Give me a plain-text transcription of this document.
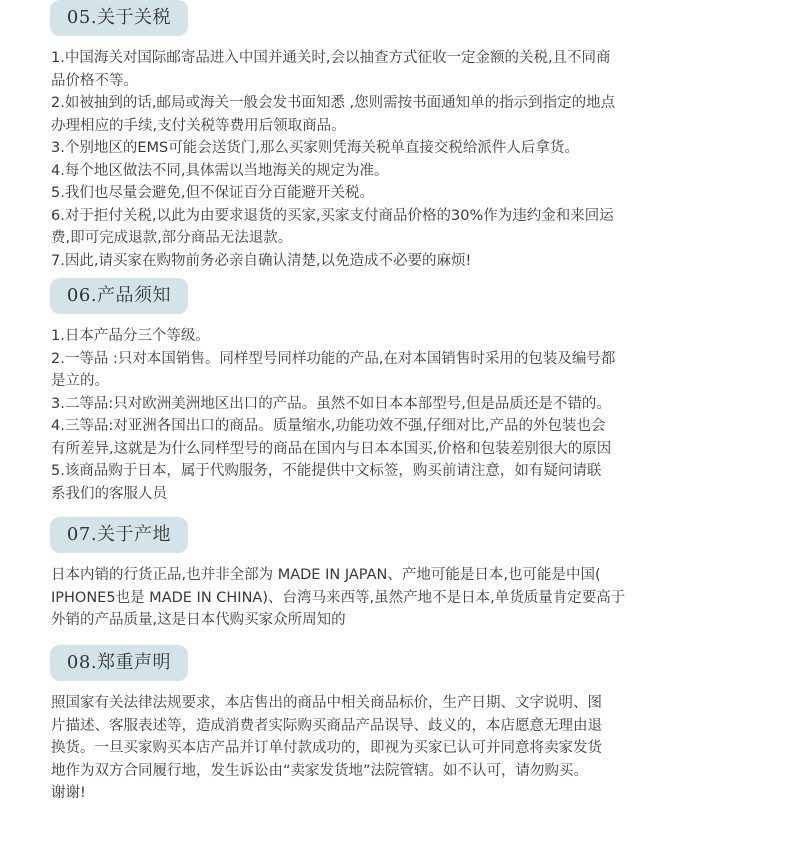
05.关于关税
1.中国海关对国际邮寄品进入中国并通关时,会以抽查方式征收一定金额的关税,且不同商
品价格不等。
2.如被抽到的话,邮局或海关一般会发书面知悉 ,您则需按书面通知单的指示到指定的地点
办理相应的手续,支付关税等费用后领取商品。
3.个别地区的EMS可能会送货门,那么买家则凭海关税单直接交税给派件人后拿货。
4.每个地区做法不同,具体需以当地海关的规定为准。
5.我们也尽量会避免,但不保证百分百能避开关税。
6.对于拒付关税,以此为由要求退货的买家,买家支付商品价格的30%作为违约金和来回运
费,即可完成退款,部分商品无法退款。
7.因此,请买家在购物前务必亲自确认清楚,以免造成不必要的麻烦!
06.产品须知
1.日本产品分三个等级。
2.一等品 :只对本国销售。同样型号同样功能的产品,在对本国销售时采用的包装及编号都
是立的。
3.二等品:只对欧洲美洲地区出口的产品。虽然不如日本本部型号,但是品质还是不错的。
4.三等品:对亚洲各国出口的商品。质量缩水,功能功效不强,仔细对比,产品的外包装也会
有所差异,这就是为什么同样型号的商品在国内与日本本国买,价格和包装差别很大的原因
5.该商品购于日本，属于代购服务，不能提供中文标签，购买前请注意，如有疑问请联
系我们的客服人员
07.关于产地
日本内销的行货正品,也并非全部为 MADE IN JAPAN、产地可能是日本,也可能是中国(
IPHONE5也是 MADE IN CHINA)、台湾马来西等,虽然产地不是日本,单货质量肯定要高于
外销的产品质量,这是日本代购买家众所周知的
08.郑重声明
照国家有关法律法规要求，本店售出的商品中相关商品标价，生产日期、文字说明、图
片描述、客服表述等，造成消费者实际购买商品产品误导、歧义的，本店愿意无理由退
换货。一旦买家购买本店产品并订单付款成功的，即视为买家已认可并同意将卖家发货
地作为双方合同履行地，发生诉讼由“卖家发货地”法院管辖。如不认可，请勿购买。
谢谢!
